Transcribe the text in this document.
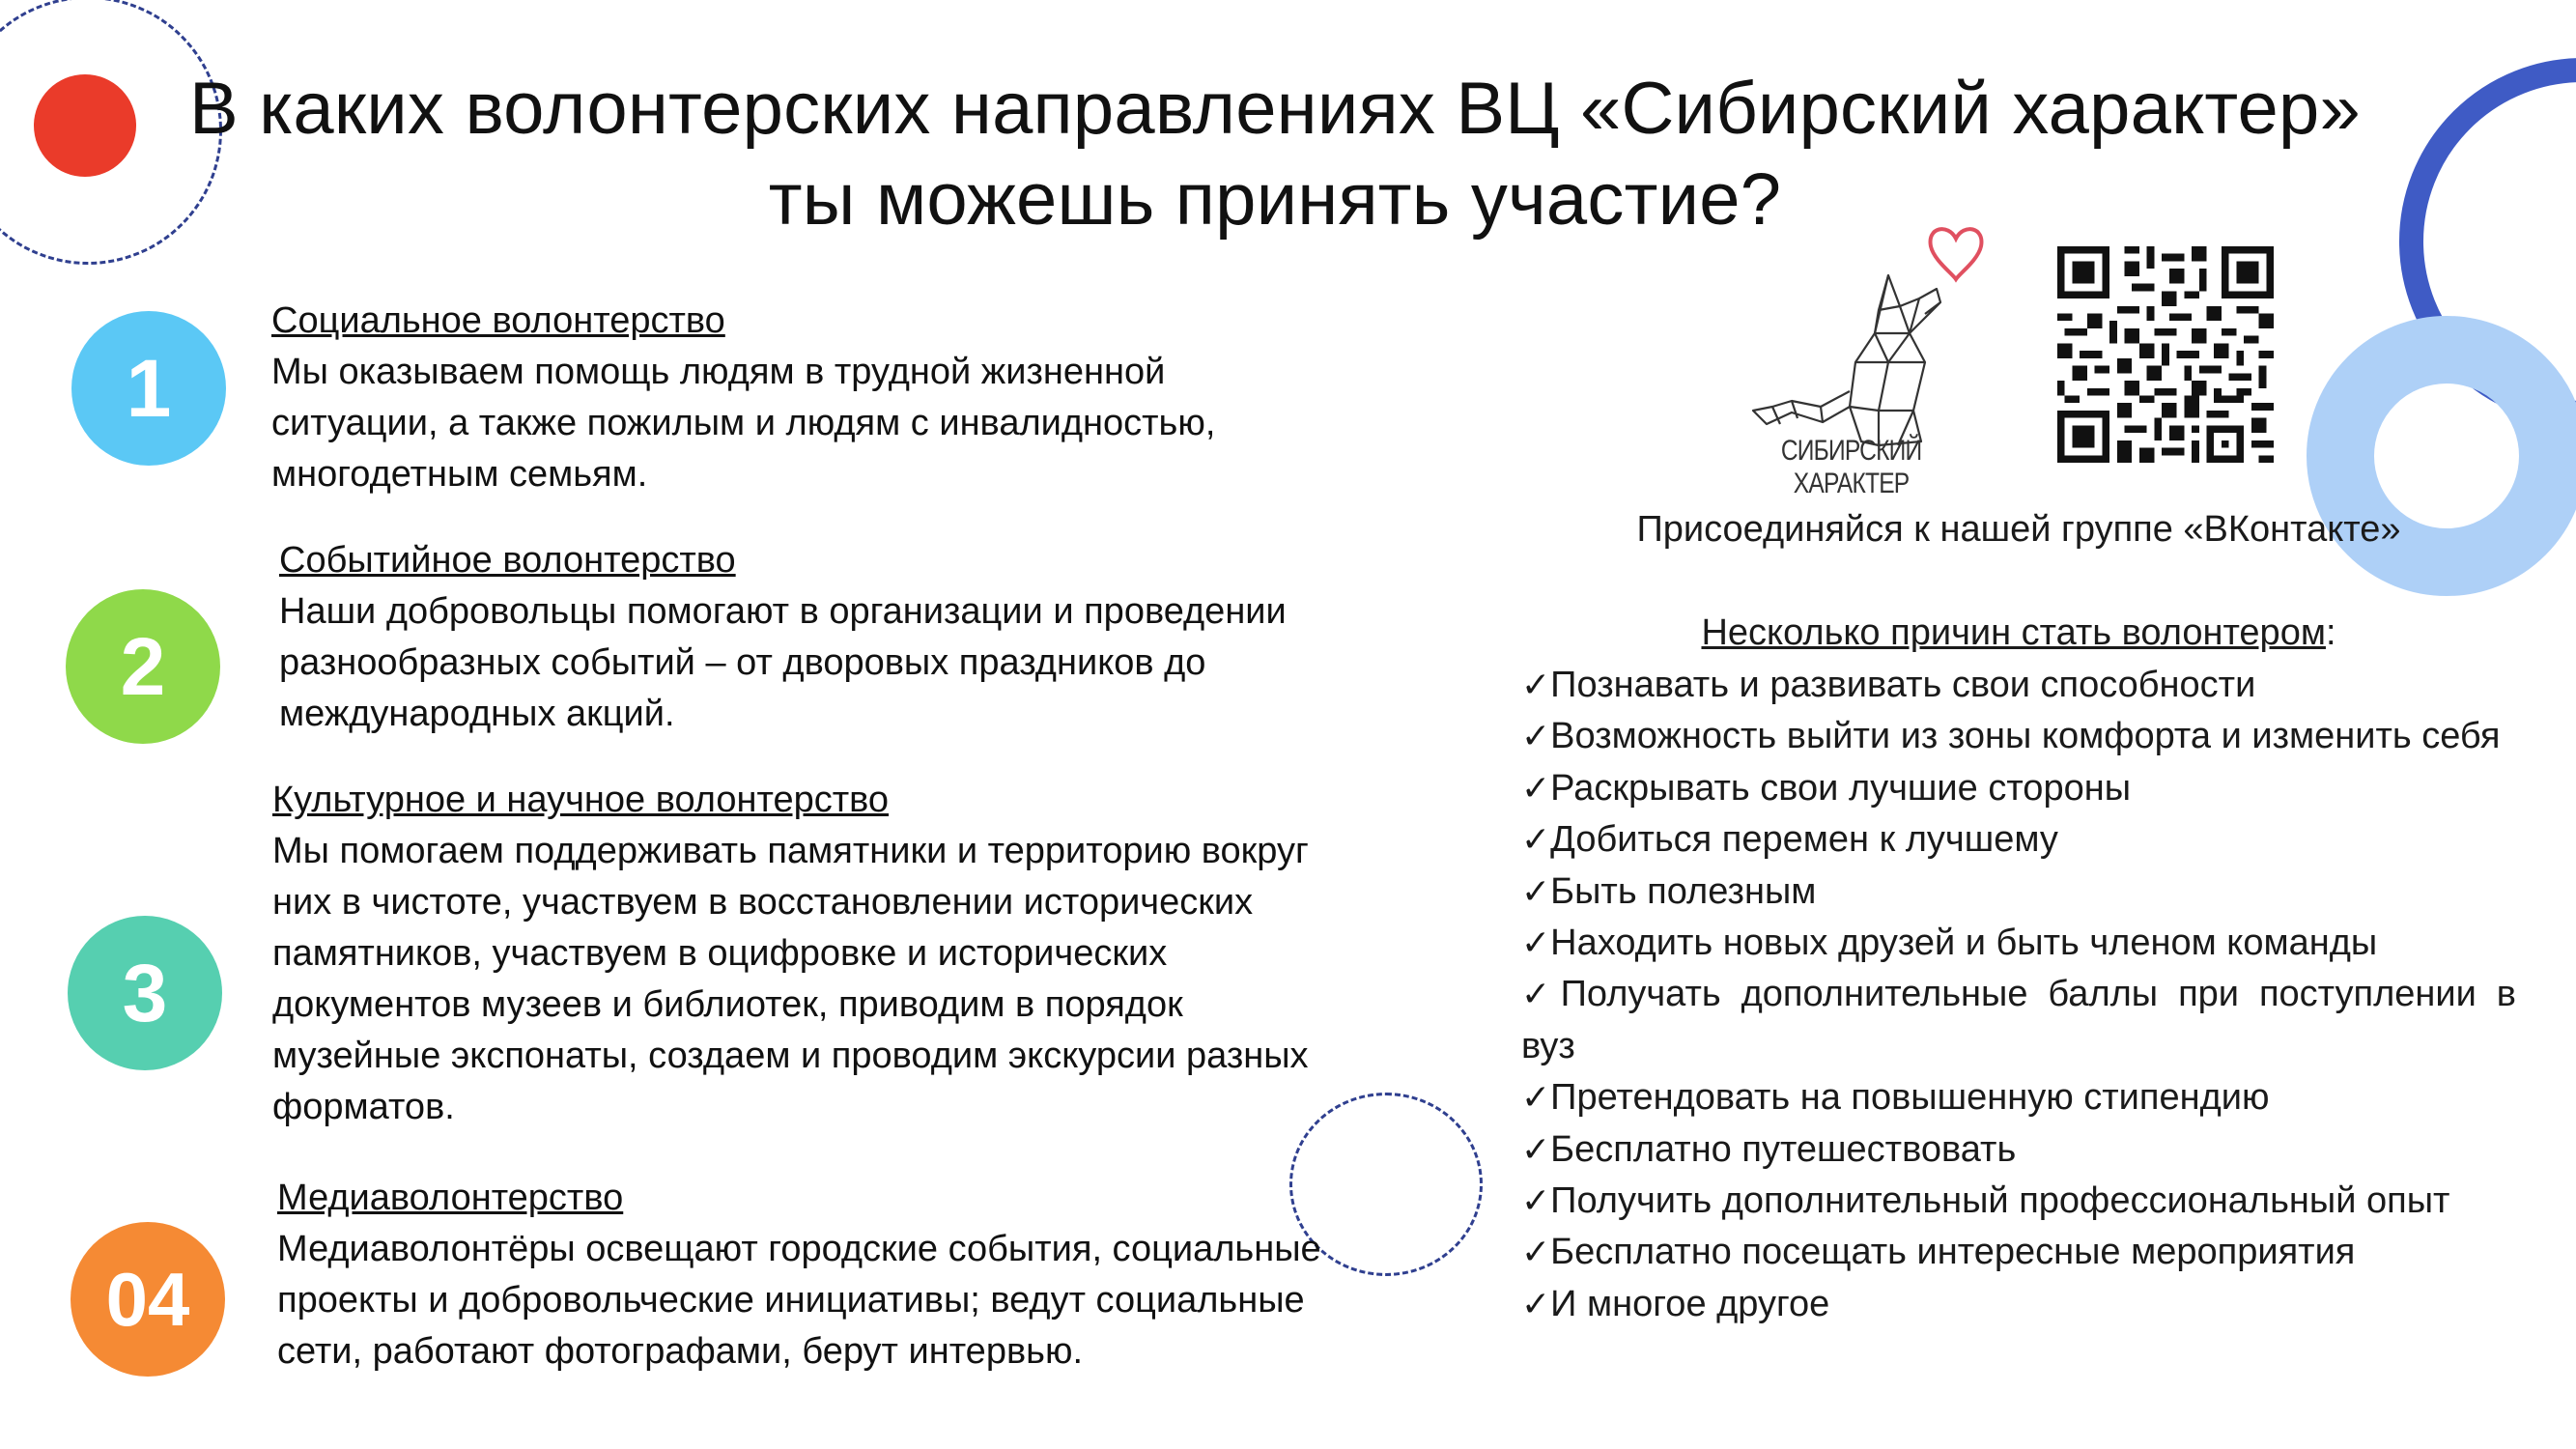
В каких волонтерских направлениях ВЦ «Сибирский характер»
ты можешь принять участие?
1
Социальное волонтерство
Мы оказываем помощь людям в трудной жизненной
ситуации, а также пожилым и людям с инвалидностью,
многодетным семьям.
2
Событийное волонтерство
Наши добровольцы помогают в организации и проведении
разнообразных событий – от дворовых праздников до
международных акций.
3
Культурное и научное волонтерство
Мы помогаем поддерживать памятники и территорию вокруг
них в чистоте, участвуем в восстановлении исторических
памятников, участвуем в оцифровке и исторических
документов музеев и библиотек, приводим в порядок
музейные экспонаты, создаем и проводим экскурсии разных
форматов.
04
Медиаволонтерство
Медиаволонтёры освещают городские события, социальные
проекты и добровольческие инициативы; ведут социальные
сети, работают фотографами, берут интервью.
СИБИРСКИЙ ХАРАКТЕР
Присоединяйся к нашей группе «ВКонтакте»
Несколько причин стать волонтером:
✓Познавать и развивать свои способности
✓Возможность выйти из зоны комфорта и изменить себя
✓Раскрывать свои лучшие стороны
✓Добиться перемен к лучшему
✓Быть полезным
✓Находить новых друзей и быть членом команды
✓Получать дополнительные баллы при поступлении в вуз
✓Претендовать на повышенную стипендию
✓Бесплатно путешествовать
✓Получить дополнительный профессиональный опыт
✓Бесплатно посещать интересные мероприятия
✓И многое другое
